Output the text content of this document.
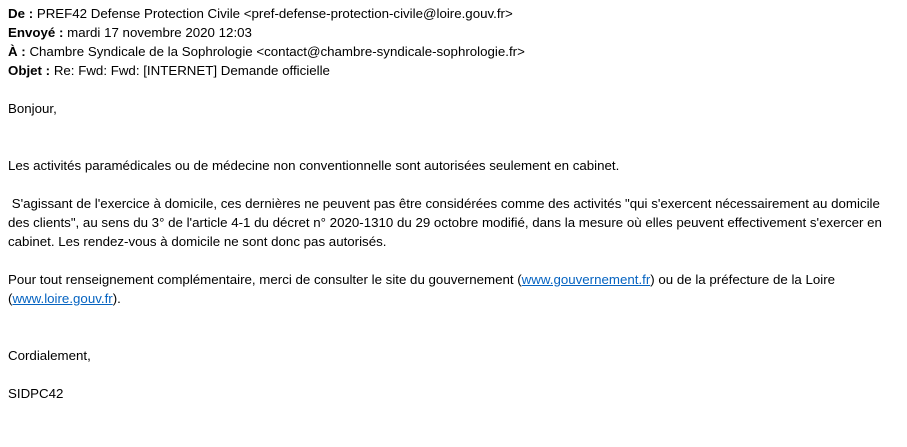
De : PREF42 Defense Protection Civile <pref-defense-protection-civile@loire.gouv.fr>
Envoyé : mardi 17 novembre 2020 12:03
À : Chambre Syndicale de la Sophrologie <contact@chambre-syndicale-sophrologie.fr>
Objet : Re: Fwd: Fwd: [INTERNET] Demande officielle
Bonjour,
Les activités paramédicales ou de médecine non conventionnelle sont autorisées seulement en cabinet.
S'agissant de l'exercice à domicile, ces dernières ne peuvent pas être considérées comme des activités "qui s'exercent nécessairement au domicile
des clients", au sens du 3° de l'article 4-1 du décret n° 2020-1310 du 29 octobre modifié, dans la mesure où elles peuvent effectivement s'exercer en
cabinet. Les rendez-vous à domicile ne sont donc pas autorisés.
Pour tout renseignement complémentaire, merci de consulter le site du gouvernement (www.gouvernement.fr) ou de la préfecture de la Loire
(www.loire.gouv.fr).
Cordialement,
SIDPC42
